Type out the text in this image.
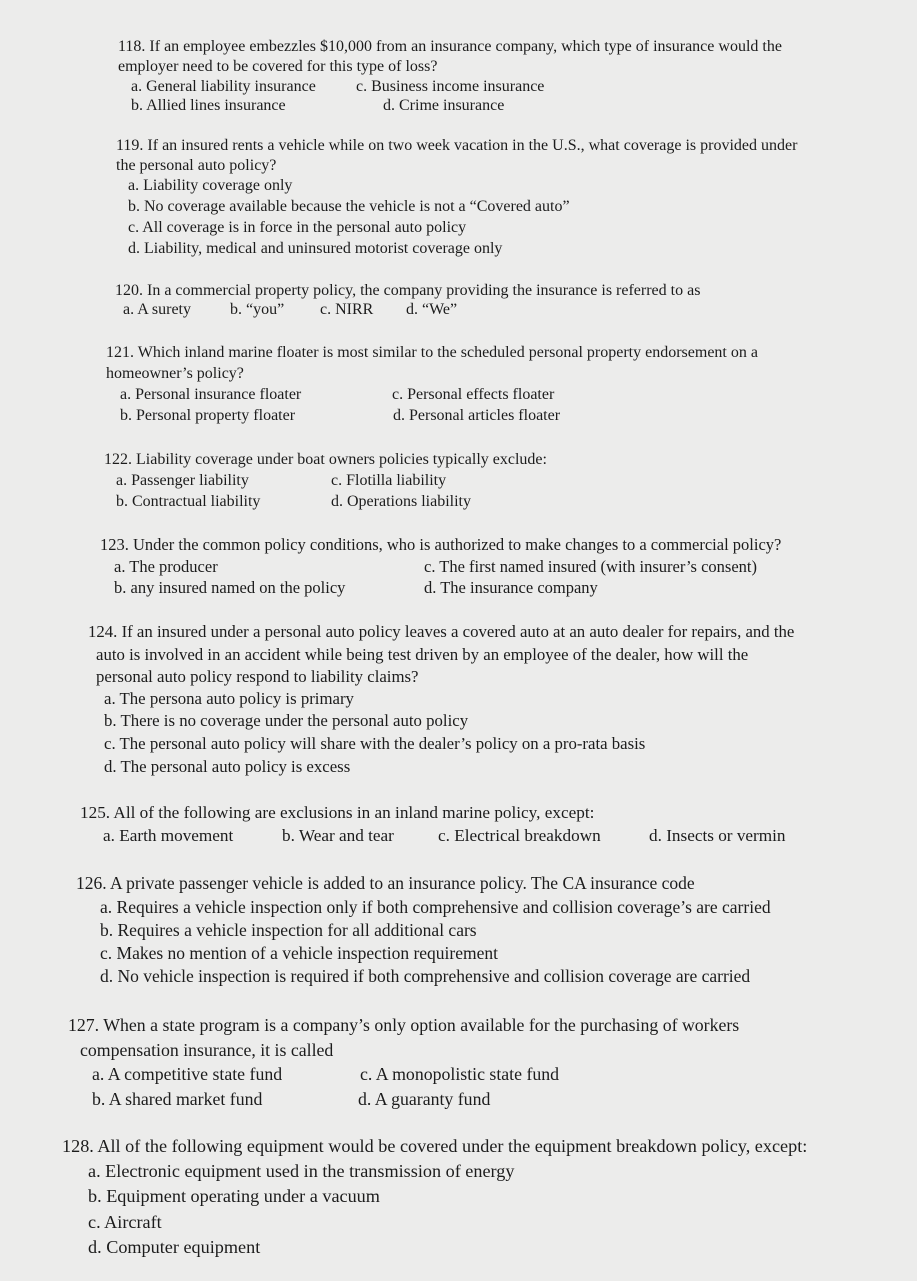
118. If an employee embezzles $10,000 from an insurance company, which type of insurance would the
employer need to be covered for this type of loss?
a. General liability insurance	c. Business income insurance
b. Allied lines insurance	d. Crime insurance
119. If an insured rents a vehicle while on two week vacation in the U.S., what coverage is provided under
the personal auto policy?
a. Liability coverage only
b. No coverage available because the vehicle is not a “Covered auto”
c. All coverage is in force in the personal auto policy
d. Liability, medical and uninsured motorist coverage only
120. In a commercial property policy, the company providing the insurance is referred to as
a. A surety b. “you” c. NIRR d. “We”
121. Which inland marine floater is most similar to the scheduled personal property endorsement on a
homeowner’s policy?
a. Personal insurance floater	c. Personal effects floater
b. Personal property floater	d. Personal articles floater
122. Liability coverage under boat owners policies typically exclude:
a. Passenger liability	c. Flotilla liability
b. Contractual liability	d. Operations liability
123. Under the common policy conditions, who is authorized to make changes to a commercial policy?
a. The producer	c. The first named insured (with insurer’s consent)
b. any insured named on the policy	d. The insurance company
124. If an insured under a personal auto policy leaves a covered auto at an auto dealer for repairs, and the
auto is involved in an accident while being test driven by an employee of the dealer, how will the
personal auto policy respond to liability claims?
a. The persona auto policy is primary
b. There is no coverage under the personal auto policy
c. The personal auto policy will share with the dealer’s policy on a pro-rata basis
d. The personal auto policy is excess
125. All of the following are exclusions in an inland marine policy, except:
a. Earth movement	b. Wear and tear	c. Electrical breakdown	d. Insects or vermin
126. A private passenger vehicle is added to an insurance policy. The CA insurance code
a. Requires a vehicle inspection only if both comprehensive and collision coverage’s are carried
b. Requires a vehicle inspection for all additional cars
c. Makes no mention of a vehicle inspection requirement
d. No vehicle inspection is required if both comprehensive and collision coverage are carried
127. When a state program is a company’s only option available for the purchasing of workers
compensation insurance, it is called
a. A competitive state fund	c. A monopolistic state fund
b. A shared market fund	d. A guaranty fund
128. All of the following equipment would be covered under the equipment breakdown policy, except:
a. Electronic equipment used in the transmission of energy
b. Equipment operating under a vacuum
c. Aircraft
d. Computer equipment
